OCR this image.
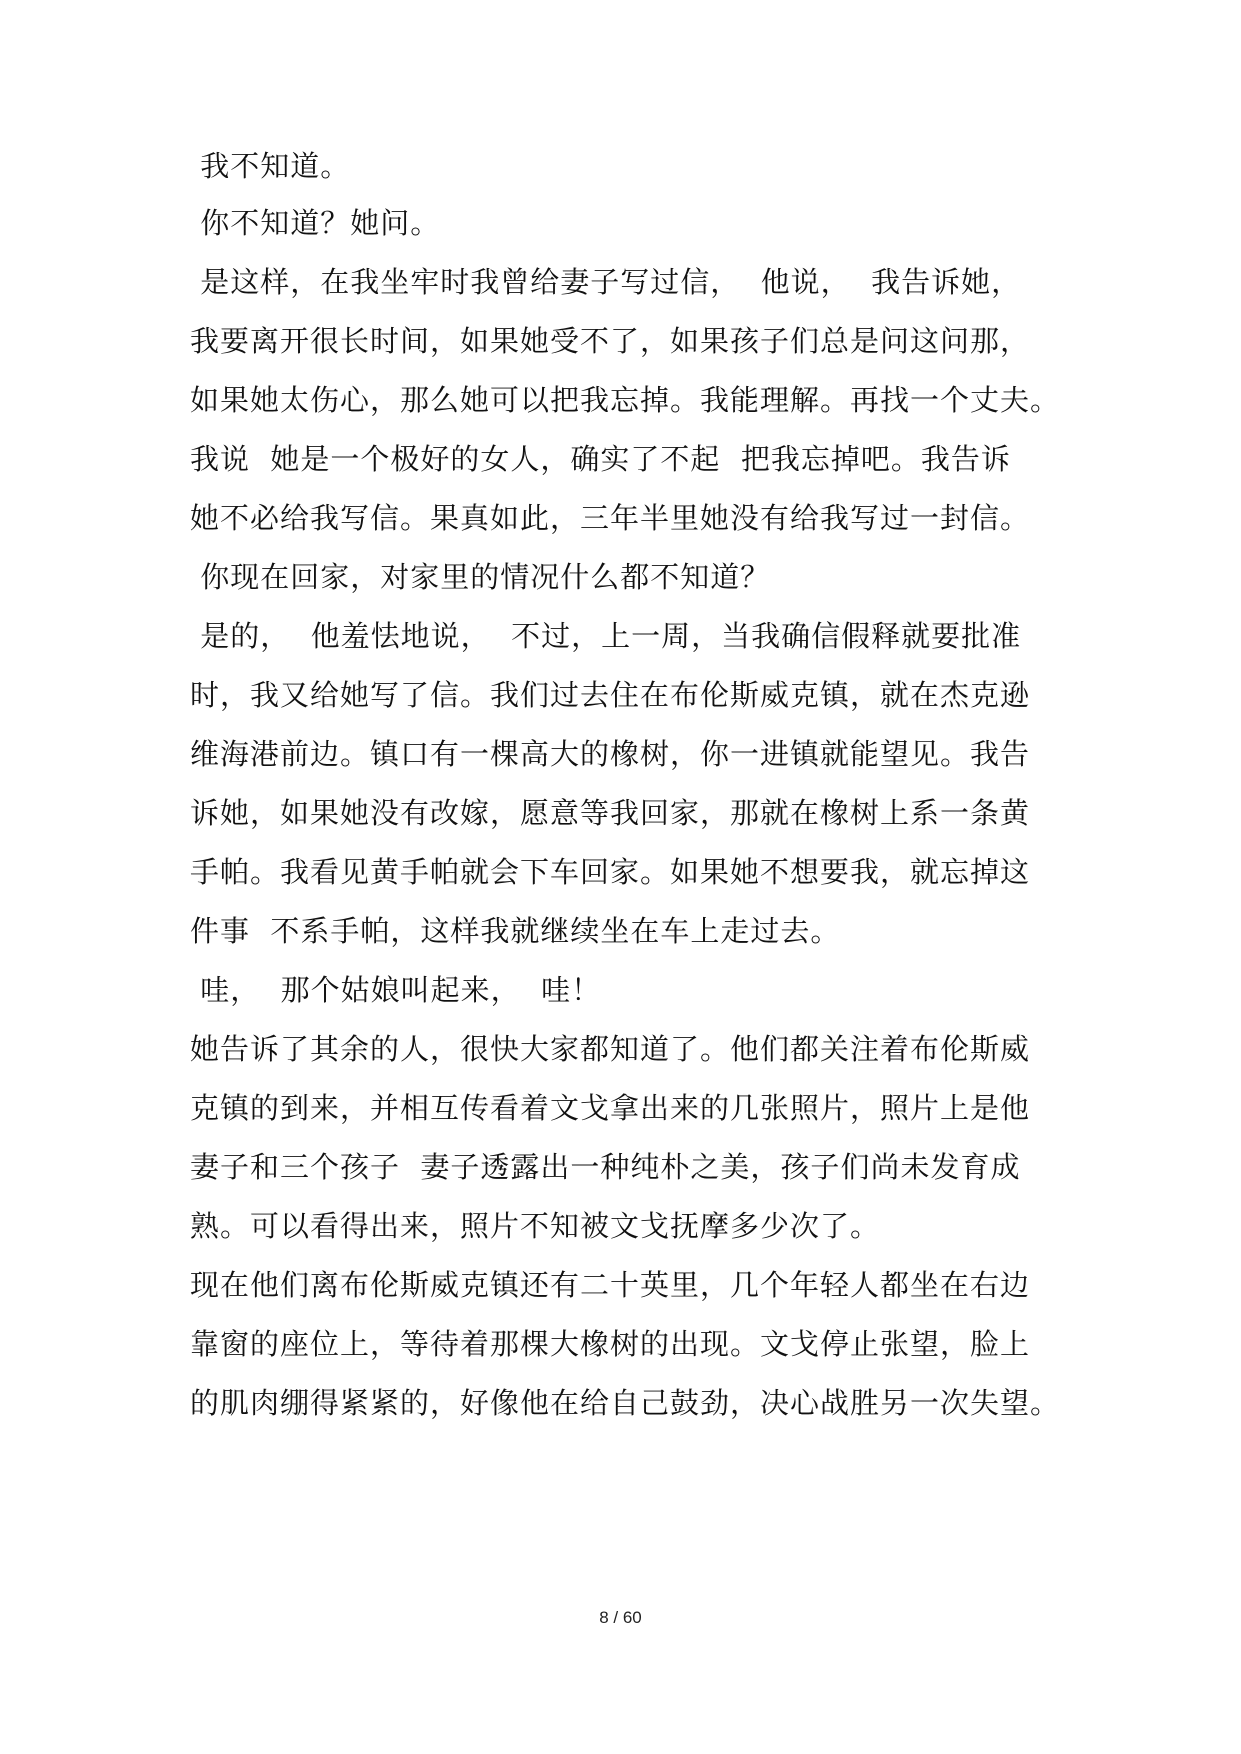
我不知道。
你不知道？她问。
是这样，在我坐牢时我曾给妻子写过信，  他说，  我告诉她，
我要离开很长时间，如果她受不了，如果孩子们总是问这问那，
如果她太伤心，那么她可以把我忘掉。我能理解。再找一个丈夫。
我说  她是一个极好的女人，确实了不起  把我忘掉吧。我告诉
她不必给我写信。果真如此，三年半里她没有给我写过一封信。
你现在回家，对家里的情况什么都不知道？
是的，  他羞怯地说，  不过，上一周，当我确信假释就要批准
时，我又给她写了信。我们过去住在布伦斯威克镇，就在杰克逊
维海港前边。镇口有一棵高大的橡树，你一进镇就能望见。我告
诉她，如果她没有改嫁，愿意等我回家，那就在橡树上系一条黄
手帕。我看见黄手帕就会下车回家。如果她不想要我，就忘掉这
件事  不系手帕，这样我就继续坐在车上走过去。
哇，  那个姑娘叫起来，  哇！
她告诉了其余的人，很快大家都知道了。他们都关注着布伦斯威
克镇的到来，并相互传看着文戈拿出来的几张照片，照片上是他
妻子和三个孩子  妻子透露出一种纯朴之美，孩子们尚未发育成
熟。可以看得出来，照片不知被文戈抚摩多少次了。
现在他们离布伦斯威克镇还有二十英里，几个年轻人都坐在右边
靠窗的座位上，等待着那棵大橡树的出现。文戈停止张望，脸上
的肌肉绷得紧紧的，好像他在给自己鼓劲，决心战胜另一次失望。
8 / 60
